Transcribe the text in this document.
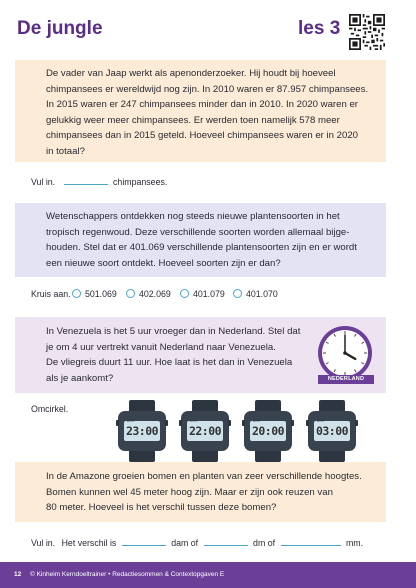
De jungle	les 3
De vader van Jaap werkt als apenonderzoeker. Hij houdt bij hoeveel
chimpansees er wereldwijd nog zijn. In 2010 waren er 87.957 chimpansees.
In 2015 waren er 247 chimpansees minder dan in 2010. In 2020 waren er
gelukkig weer meer chimpansees. Er werden toen namelijk 578 meer
chimpansees dan in 2015 geteld. Hoeveel chimpansees waren er in 2020
in totaal?
Vul in.	chimpansees.
Wetenschappers ontdekken nog steeds nieuwe plantensoorten in het
tropisch regenwoud. Deze verschillende soorten worden allemaal bijge-
houden. Stel dat er 401.069 verschillende plantensoorten zijn en er wordt
een nieuwe soort ontdekt. Hoeveel soorten zijn er dan?
Kruis aan.	501.069	402.069	401.079	401.070
In Venezuela is het 5 uur vroeger dan in Nederland. Stel dat
je om 4 uur vertrekt vanuit Nederland naar Venezuela.
De vliegreis duurt 11 uur. Hoe laat is het dan in Venezuela
als je aankomt?	NEDERLAND
Omcirkel.
23:00
A.M.
22:00
A.M.
20:00
A.M.
03:00
A.M.
In de Amazone groeien bomen en planten van zeer verschillende hoogtes.
Bomen kunnen wel 45 meter hoog zijn. Maar er zijn ook reuzen van
80 meter. Hoeveel is het verschil tussen deze bomen?
Vul in. Het verschil is	dam of	dm of	mm.
12 © Kinheim Kerndoeltrainer • Redactiesommen & Contextopgaven E
